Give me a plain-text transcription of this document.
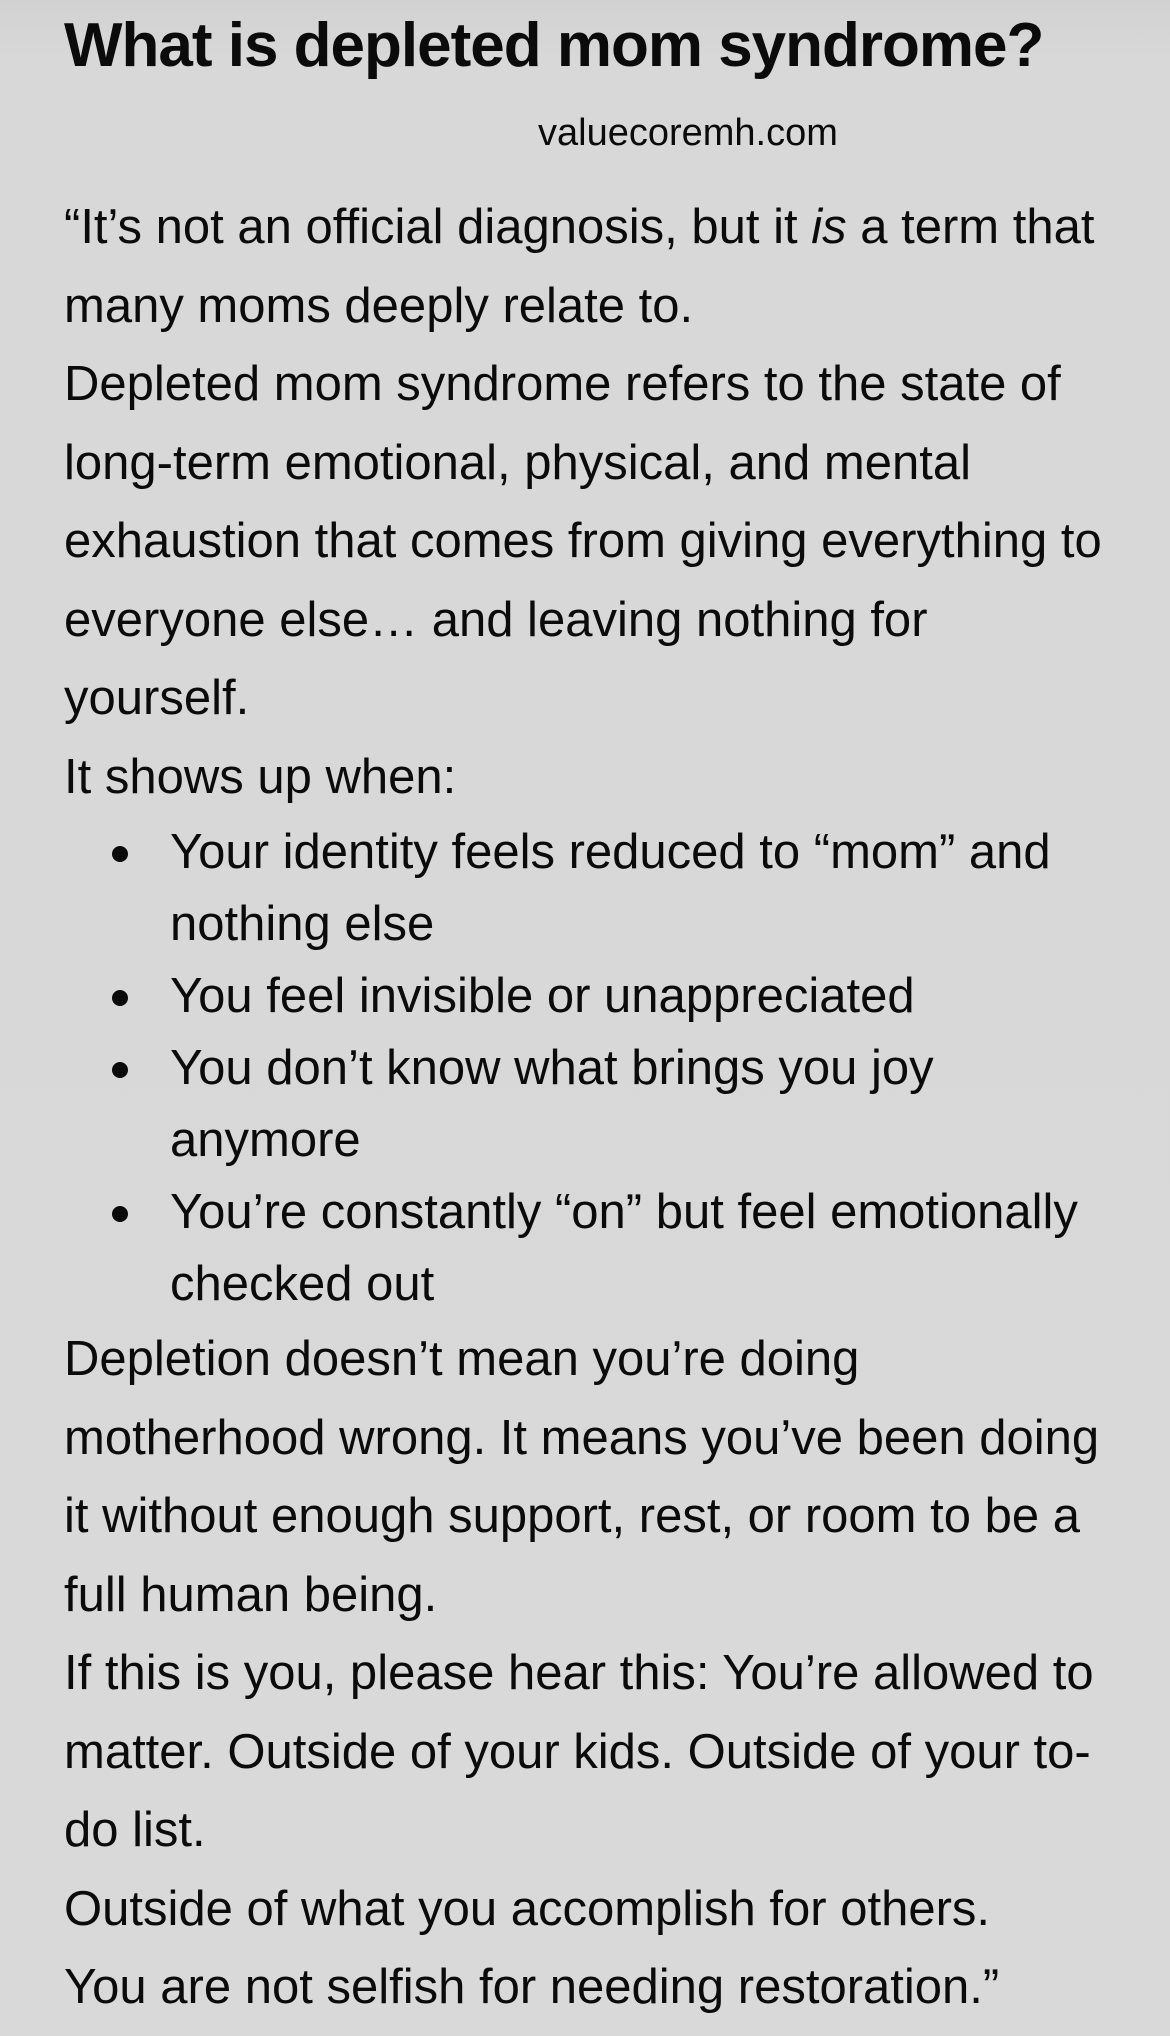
What is depleted mom syndrome?
valuecoremh.com

“It’s not an official diagnosis, but it is a term that many moms deeply relate to.

Depleted mom syndrome refers to the state of long-term emotional, physical, and mental exhaustion that comes from giving everything to everyone else… and leaving nothing for yourself.

It shows up when:

Your identity feels reduced to “mom” and nothing else
You feel invisible or unappreciated
You don’t know what brings you joy anymore
You’re constantly “on” but feel emotionally checked out

Depletion doesn’t mean you’re doing motherhood wrong. It means you’ve been doing it without enough support, rest, or room to be a full human being.

If this is you, please hear this: You’re allowed to matter. Outside of your kids. Outside of your to-do list.

Outside of what you accomplish for others.

You are not selfish for needing restoration.”
